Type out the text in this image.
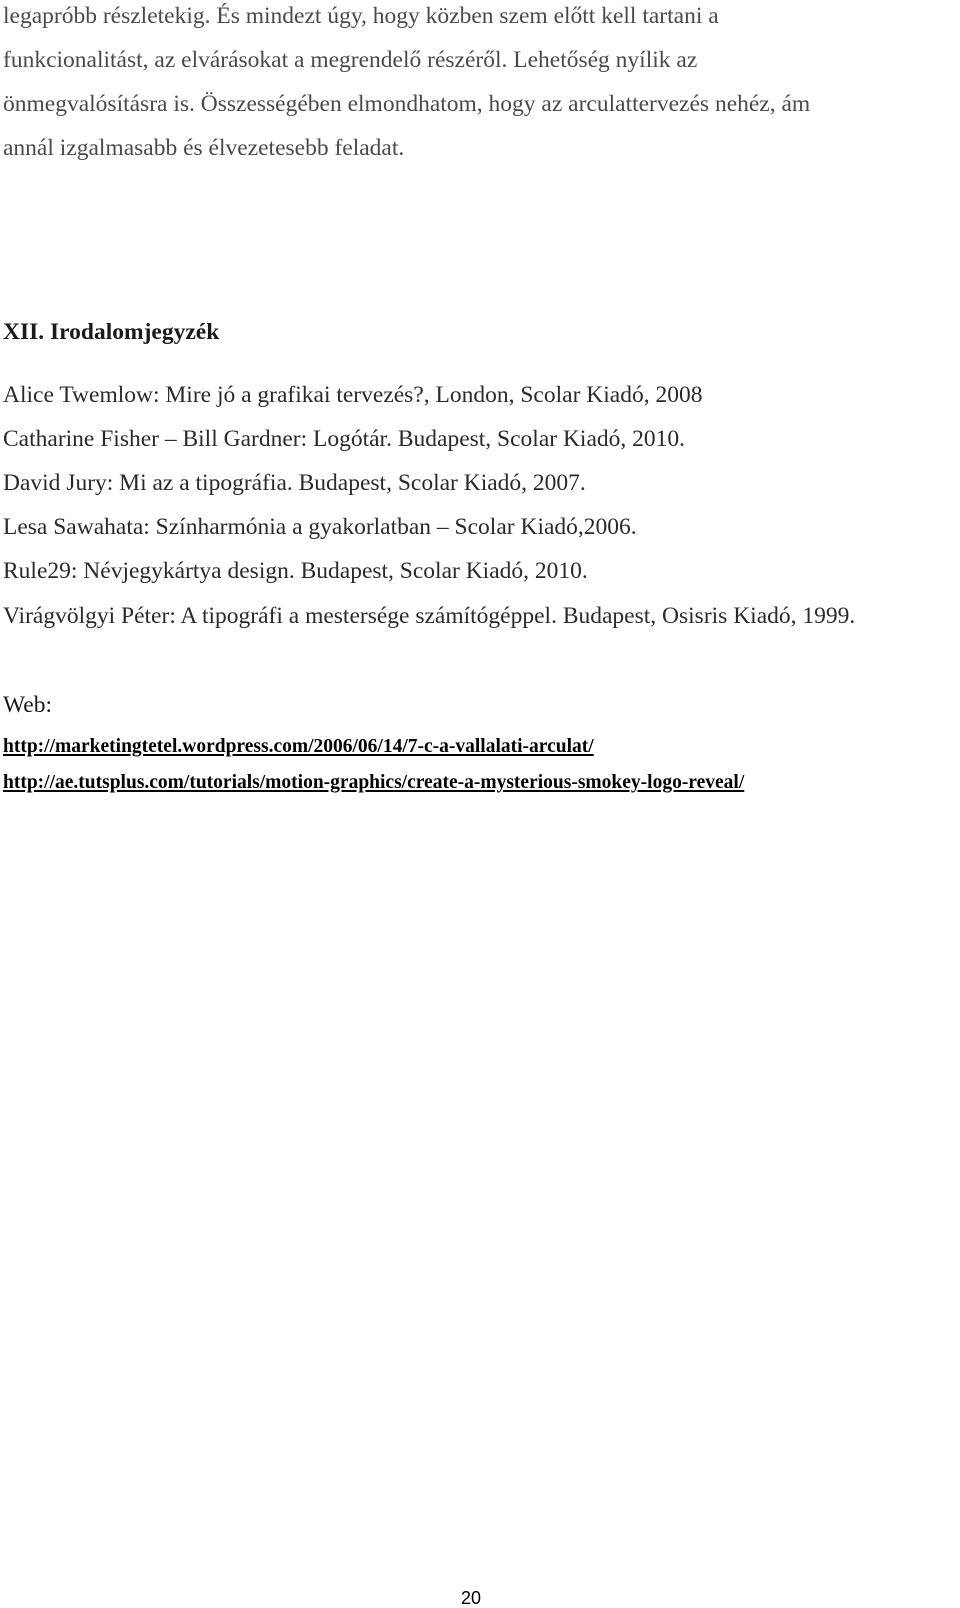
legapróbb részletekig. És mindezt úgy, hogy közben szem előtt kell tartani a
funkcionalitást, az elvárásokat a megrendelő részéről. Lehetőség nyílik az
önmegvalósításra is. Összességében elmondhatom, hogy az arculattervezés nehéz, ám
annál izgalmasabb és élvezetesebb feladat.
XII. Irodalomjegyzék
Alice Twemlow: Mire jó a grafikai tervezés?, London, Scolar Kiadó, 2008
Catharine Fisher – Bill Gardner: Logótár. Budapest, Scolar Kiadó, 2010.
David Jury: Mi az a tipográfia. Budapest, Scolar Kiadó, 2007.
Lesa Sawahata: Színharmónia a gyakorlatban – Scolar Kiadó,2006.
Rule29: Névjegykártya design. Budapest, Scolar Kiadó, 2010.
Virágvölgyi Péter: A tipográfi a mestersége számítógéppel. Budapest, Osisris Kiadó, 1999.
Web:
http://marketingtetel.wordpress.com/2006/06/14/7-c-a-vallalati-arculat/
http://ae.tutsplus.com/tutorials/motion-graphics/create-a-mysterious-smokey-logo-reveal/
20
